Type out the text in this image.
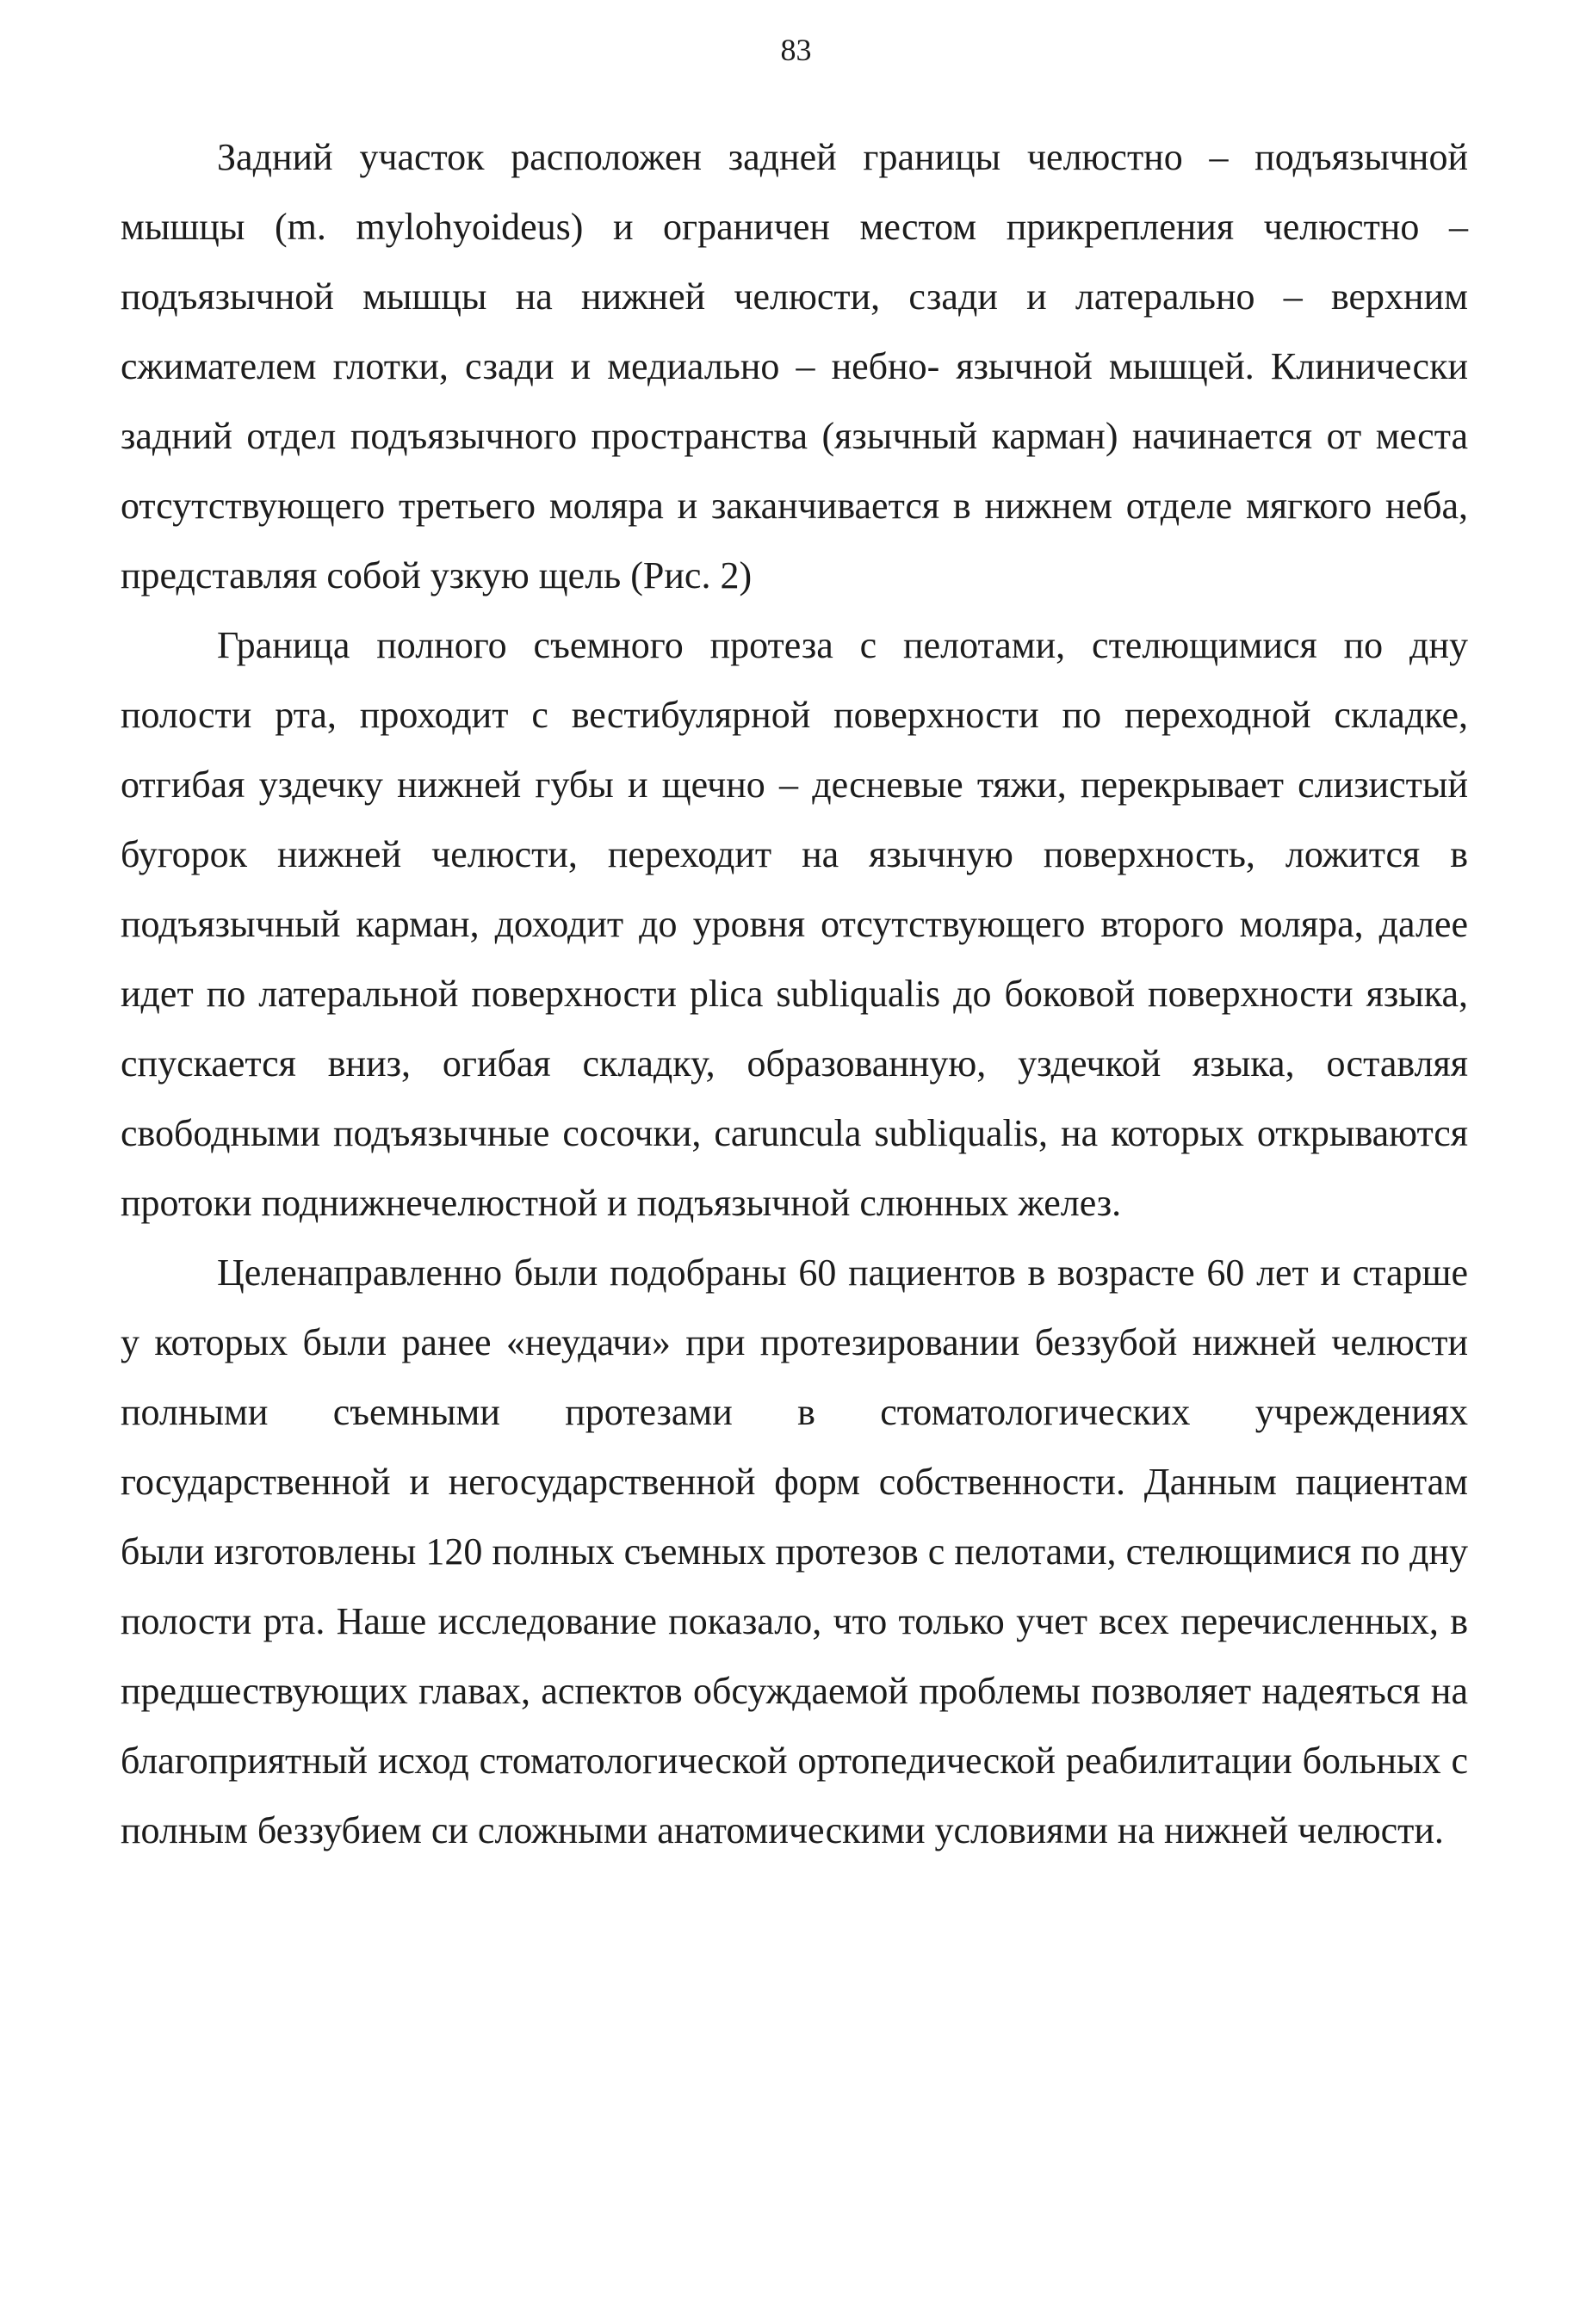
83

Задний участок расположен задней границы челюстно – подъязычной мышцы (m. mylohyoideus) и ограничен местом прикрепления челюстно – подъязычной мышцы на нижней челюсти, сзади и латерально – верхним сжимателем глотки, сзади и медиально – небно- язычной мышцей. Клинически задний отдел подъязычного пространства (язычный карман) начинается от места отсутствующего третьего моляра и заканчивается в нижнем отделе мягкого неба, представляя собой узкую щель (Рис. 2)

Граница полного съемного протеза с пелотами, стелющимися по дну полости рта, проходит с вестибулярной поверхности по переходной складке, отгибая уздечку нижней губы и щечно – десневые тяжи, перекрывает слизистый бугорок нижней челюсти, переходит на язычную поверхность, ложится в подъязычный карман, доходит до уровня отсутствующего второго моляра, далее идет по латеральной поверхности plica subliqualis до боковой поверхности языка, спускается вниз, огибая складку, образованную, уздечкой языка, оставляя свободными подъязычные сосочки, caruncula subliqualis, на которых открываются протоки поднижнечелюстной и подъязычной слюнных желез.

Целенаправленно были подобраны 60 пациентов в возрасте 60 лет и старше у которых были ранее «неудачи» при протезировании беззубой нижней челюсти полными съемными протезами в стоматологических учреждениях государственной и негосударственной форм собственности. Данным пациентам были изготовлены 120 полных съемных протезов с пелотами, стелющимися по дну полости рта. Наше исследование показало, что только учет всех перечисленных, в предшествующих главах, аспектов обсуждаемой проблемы позволяет надеяться на благоприятный исход стоматологической ортопедической реабилитации больных с полным беззубием си сложными анатомическими условиями на нижней челюсти.
